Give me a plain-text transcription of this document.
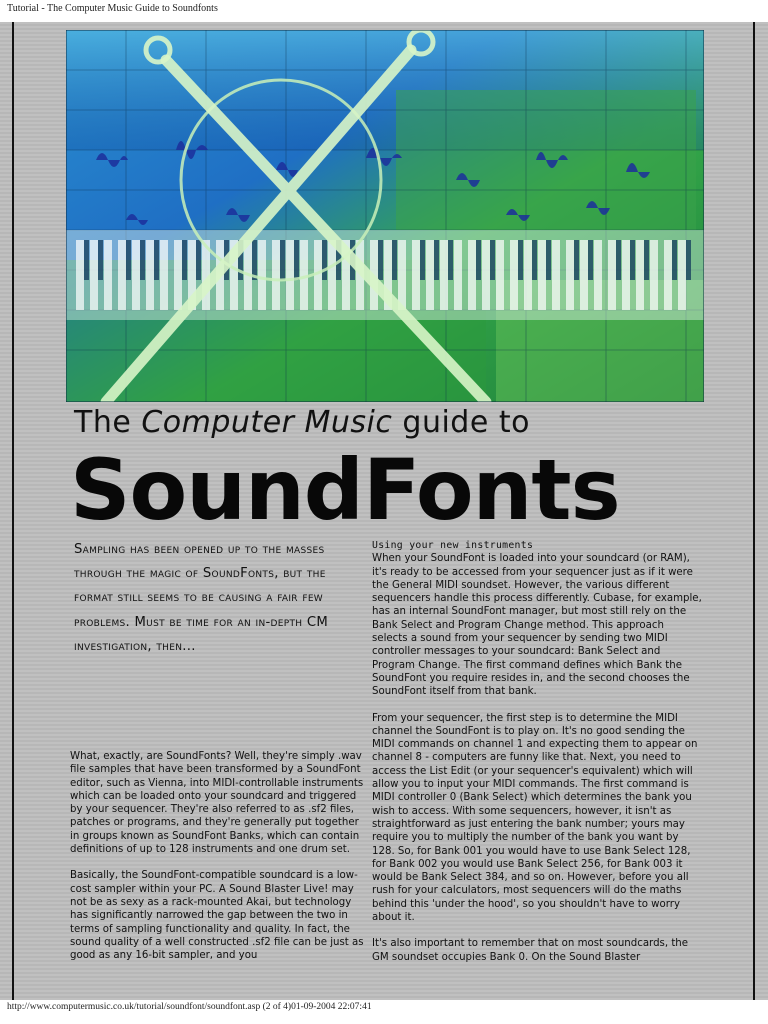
Tutorial - The Computer Music Guide to Soundfonts
The Computer Music guide to
SoundFonts
Sampling has been opened up to the masses through the magic of SoundFonts, but the format still seems to be causing a fair few problems. Must be time for an in-depth CM investigation, then...

What, exactly, are SoundFonts? Well, they're simply .wav file samples that have been transformed by a SoundFont editor, such as Vienna, into MIDI-controllable instruments which can be loaded onto your soundcard and triggered by your sequencer. They're also referred to as .sf2 files, patches or programs, and they're generally put together in groups known as SoundFont Banks, which can contain definitions of up to 128 instruments and one drum set.

Basically, the SoundFont-compatible soundcard is a low-cost sampler within your PC. A Sound Blaster Live! may not be as sexy as a rack-mounted Akai, but technology has significantly narrowed the gap between the two in terms of sampling functionality and quality. In fact, the sound quality of a well constructed .sf2 file can be just as good as any 16-bit sampler, and you

Using your new instruments

When your SoundFont is loaded into your soundcard (or RAM), it's ready to be accessed from your sequencer just as if it were the General MIDI soundset. However, the various different sequencers handle this process differently. Cubase, for example, has an internal SoundFont manager, but most still rely on the Bank Select and Program Change method. This approach selects a sound from your sequencer by sending two MIDI controller messages to your soundcard: Bank Select and Program Change. The first command defines which Bank the SoundFont you require resides in, and the second chooses the SoundFont itself from that bank.

From your sequencer, the first step is to determine the MIDI channel the SoundFont is to play on. It's no good sending the MIDI commands on channel 1 and expecting them to appear on channel 8 - computers are funny like that. Next, you need to access the List Edit (or your sequencer's equivalent) which will allow you to input your MIDI commands. The first command is MIDI controller 0 (Bank Select) which determines the bank you wish to access. With some sequencers, however, it isn't as straightforward as just entering the bank number; yours may require you to multiply the number of the bank you want by 128. So, for Bank 001 you would have to use Bank Select 128, for Bank 002 you would use Bank Select 256, for Bank 003 it would be Bank Select 384, and so on. However, before you all rush for your calculators, most sequencers will do the maths behind this 'under the hood', so you shouldn't have to worry about it.

It's also important to remember that on most soundcards, the GM soundset occupies Bank 0. On the Sound Blaster

http://www.computermusic.co.uk/tutorial/soundfont/soundfont.asp (2 of 4)01-09-2004 22:07:41
